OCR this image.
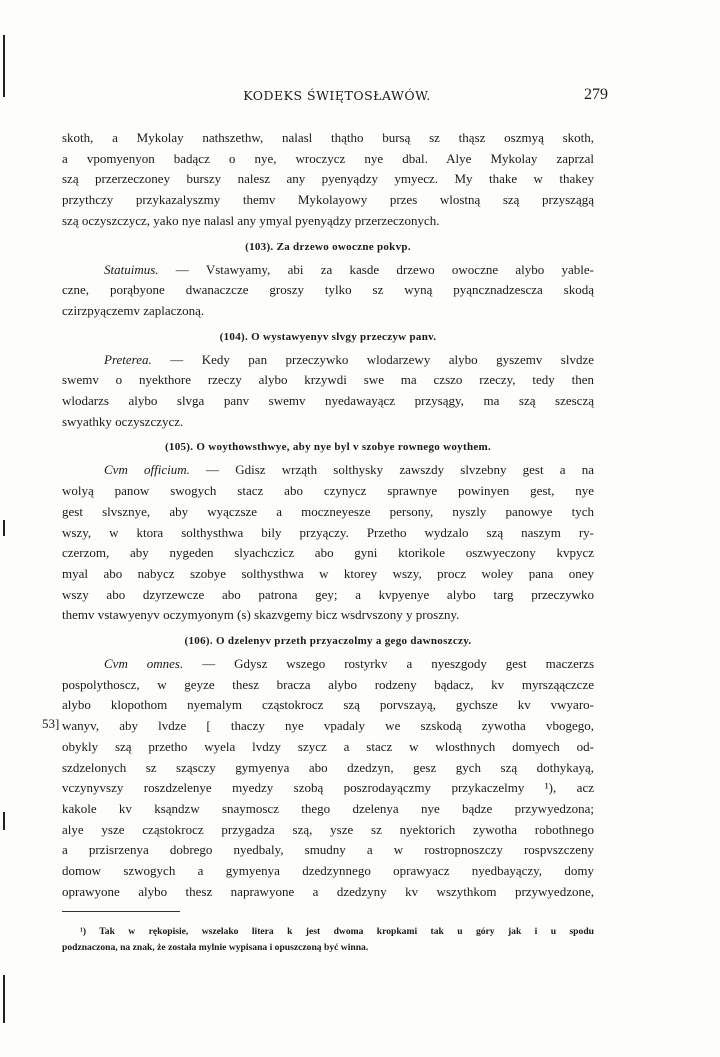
KODEKS ŚWIĘTOSŁAWÓW.	279
skoth, a Mykolay nathszethw, nalasl thątho bursą sz thąsz oszmyą skoth,
a vpomyenyon badącz o nye, wroczycz nye dbal. Alye Mykolay zaprzal
szą przerzeczoney burszy nalesz any pyenyądzy ymyecz. My thake w thakey
przythczy przykazalyszmy themv Mykolayowy przes wlostną szą przyszągą
szą oczyszczycz, yako nye nalasl any ymyal pyenyądzy przerzeczonych.
(103). Za drzewo owoczne pokvp.
Statuimus. — Vstawyamy, abi za kasde drzewo owoczne alybo yable-
czne, porąbyone dwanaczcze groszy tylko sz wyną pyąncznadzescza skodą
czirzpyączemv zaplaczoną.
(104). O wystawyenyv slvgy przeczyw panv.
Preterea. — Kedy pan przeczywko wlodarzewy alybo gyszemv slvdze
swemv o nyekthore rzeczy alybo krzywdi swe ma czszo rzeczy, tedy then
wlodarzs alybo slvga panv swemv nyedawayącz przysągy, ma szą szesczą
swyathky oczyszczycz.
(105). O woythowsthwye, aby nye byl v szobye rownego woythem.
Cvm officium. — Gdisz wrząth solthysky zawszdy slvzebny gest a na
wolyą panow swogych stacz abo czynycz sprawnye powinyen gest, nye
gest slvsznye, aby wyączsze a moczneyesze persony, nyszly panowye tych
wszy, w ktora solthysthwa bily przyączy. Przetho wydzalo szą naszym ry-
czerzom, aby nygeden slyachczicz abo gyni ktorikole oszwyeczony kvpycz
myal abo nabycz szobye solthysthwa w ktorey wszy, procz woley pana oney
wszy abo dzyrzewcze abo patrona gey; a kvpyenye alybo targ przeczywko
themv vstawyenyv oczymyonym (s) skazvgemy bicz wsdrvszony y proszny.
(106). O dzelenyv przeth przyaczolmy a gego dawnoszczy.
Cvm omnes. — Gdysz wszego rostyrkv a nyeszgody gest maczerzs
pospolythoscz, w geyze thesz bracza alybo rodzeny bądacz, kv myrsząączcze
alybo klopothom nyemalym cząstokrocz szą porvszayą, gychsze kv vwyaro-
53] wanyv, aby lvdze [ thaczy nye vpadaly we szskodą zywotha vbogego,
obykly szą przetho wyela lvdzy szycz a stacz w wlosthnych domyech od-
szdzelonych sz sząsczy gymyenya abo dzedzyn, gesz gych szą dothykayą,
vczynyvszy roszdzelenye myedzy szobą poszrodayączmy przykaczelmy ¹), acz
kakole kv ksąndzw snaymoscz thego dzelenya nye bądze przywyedzona;
alye ysze cząstokrocz przygadza szą, ysze sz nyektorich zywotha robothnego
a przisrzenya dobrego nyedbaly, smudny a w rostropnoszczy rospvszczeny
domow szwogych a gymyenya dzedzynnego oprawyacz nyedbayączy, domy
oprawyone alybo thesz naprawyone a dzedzyny kv wszythkom przywyedzone,
¹) Tak w rękopisie, wszelako litera k jest dwoma kropkami tak u góry jak i u spodu
podznaczona, na znak, że została mylnie wypisana i opuszczoną być winna.
